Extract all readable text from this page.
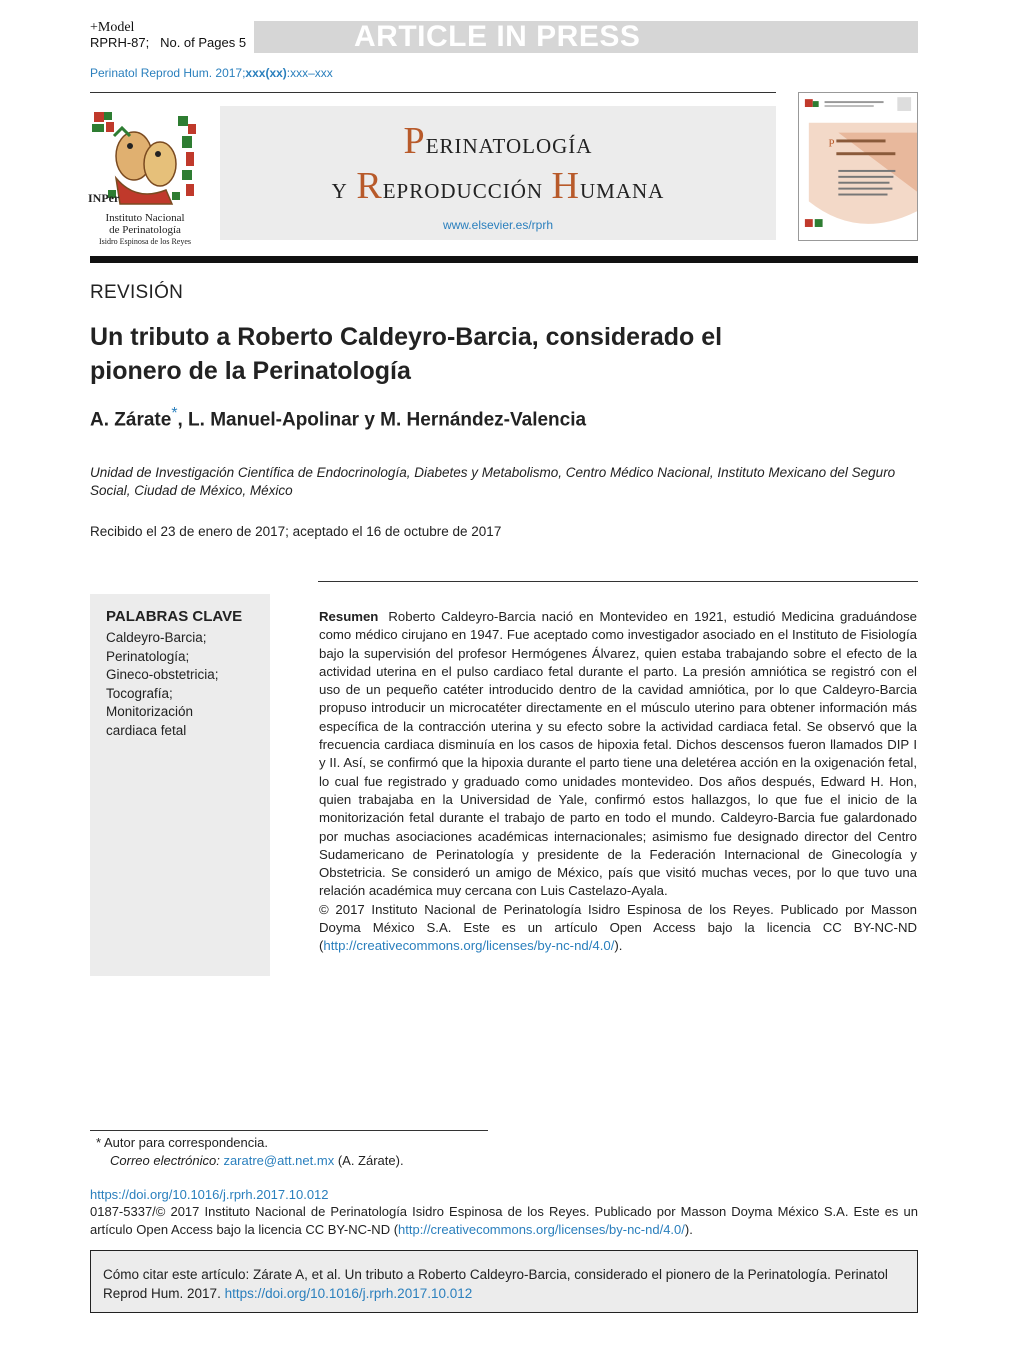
+Model
RPRH-87; No. of Pages 5	ARTICLE IN PRESS
Perinatol Reprod Hum. 2017;xxx(xx):xxx–xxx
INPer
Instituto Nacional
de Perinatología
Isidro Espinosa de los Reyes
Perinatología
y Reproducción Humana
www.elsevier.es/rprh
P
REVISIÓN
Un tributo a Roberto Caldeyro-Barcia, considerado el pionero de la Perinatología
A. Zárate*, L. Manuel-Apolinar y M. Hernández-Valencia
Unidad de Investigación Científica de Endocrinología, Diabetes y Metabolismo, Centro Médico Nacional, Instituto Mexicano del Seguro Social, Ciudad de México, México
Recibido el 23 de enero de 2017; aceptado el 16 de octubre de 2017
PALABRAS CLAVE
Caldeyro-Barcia;
Perinatología;
Gineco-obstetricia;
Tocografía;
Monitorización
cardiaca fetal

Resumen Roberto Caldeyro-Barcia nació en Montevideo en 1921, estudió Medicina graduándose como médico cirujano en 1947. Fue aceptado como investigador asociado en el Instituto de Fisiología bajo la supervisión del profesor Hermógenes Álvarez, quien estaba trabajando sobre el efecto de la actividad uterina en el pulso cardiaco fetal durante el parto. La presión amniótica se registró con el uso de un pequeño catéter introducido dentro de la cavidad amniótica, por lo que Caldeyro-Barcia propuso introducir un microcatéter directamente en el músculo uterino para obtener información más específica de la contracción uterina y su efecto sobre la actividad cardiaca fetal. Se observó que la frecuencia cardiaca disminuía en los casos de hipoxia fetal. Dichos descensos fueron llamados DIP I y II. Así, se confirmó que la hipoxia durante el parto tiene una deletérea acción en la oxigenación fetal, lo cual fue registrado y graduado como unidades montevideo. Dos años después, Edward H. Hon, quien trabajaba en la Universidad de Yale, confirmó estos hallazgos, lo que fue el inicio de la monitorización fetal durante el trabajo de parto en todo el mundo. Caldeyro-Barcia fue galardonado por muchas asociaciones académicas internacionales; asimismo fue designado director del Centro Sudamericano de Perinatología y presidente de la Federación Internacional de Ginecología y Obstetricia. Se consideró un amigo de México, país que visitó muchas veces, por lo que tuvo una relación académica muy cercana con Luis Castelazo-Ayala.

© 2017 Instituto Nacional de Perinatología Isidro Espinosa de los Reyes. Publicado por Masson Doyma México S.A. Este es un artículo Open Access bajo la licencia CC BY-NC-ND (http://creativecommons.org/licenses/by-nc-nd/4.0/).

* Autor para correspondencia.
Correo electrónico: zaratre@att.net.mx (A. Zárate).
https://doi.org/10.1016/j.rprh.2017.10.012
0187-5337/© 2017 Instituto Nacional de Perinatología Isidro Espinosa de los Reyes. Publicado por Masson Doyma México S.A. Este es un artículo Open Access bajo la licencia CC BY-NC-ND (http://creativecommons.org/licenses/by-nc-nd/4.0/).
Cómo citar este artículo: Zárate A, et al. Un tributo a Roberto Caldeyro-Barcia, considerado el pionero de la Perinatología. Perinatol Reprod Hum. 2017. https://doi.org/10.1016/j.rprh.2017.10.012
